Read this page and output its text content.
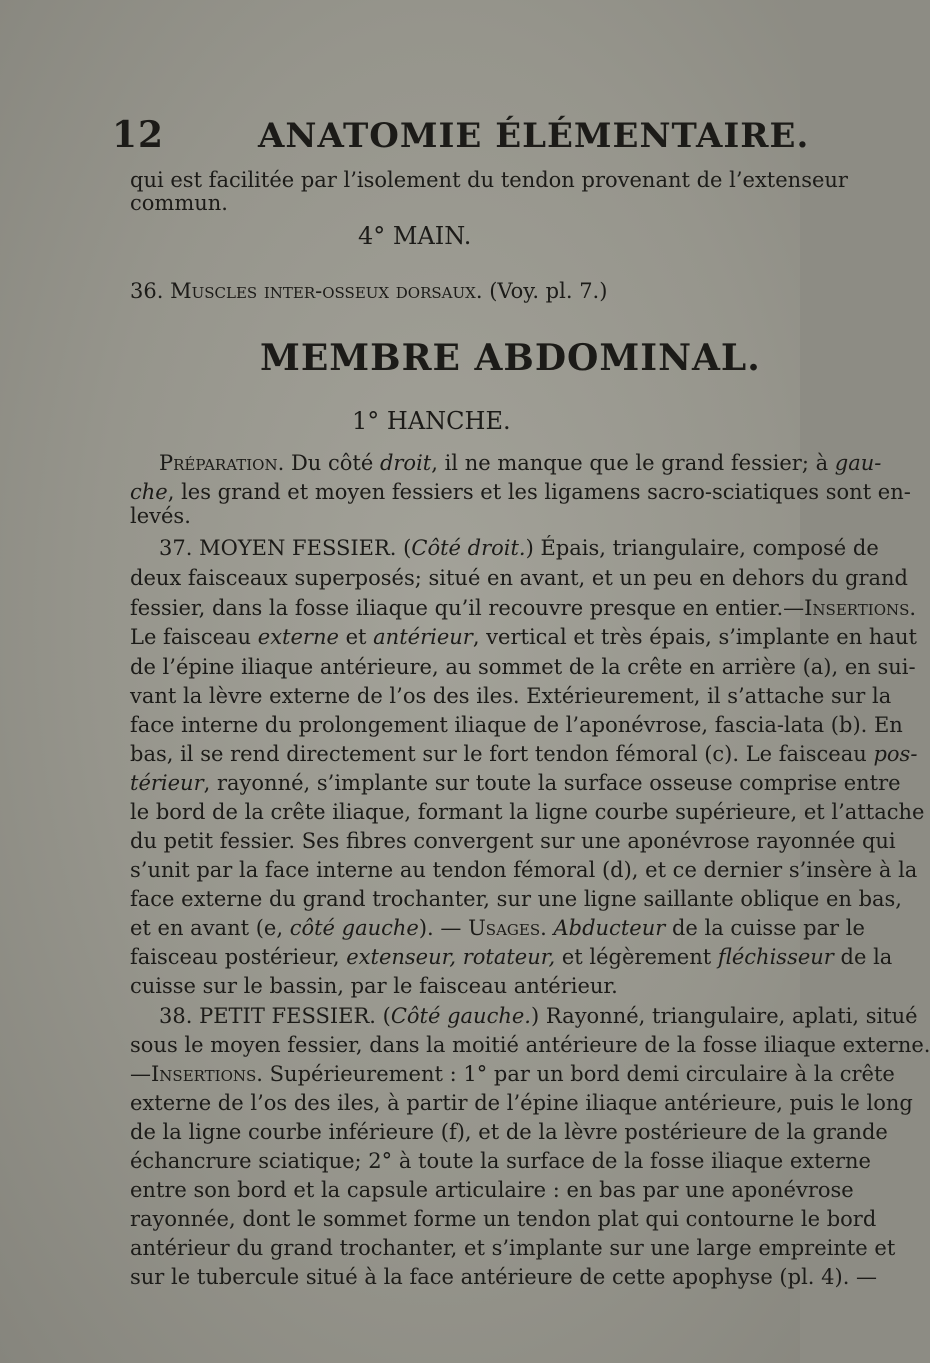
12	ANATOMIE ÉLÉMENTAIRE.
qui est facilitée par l’isolement du tendon provenant de l’extenseur
commun.
4° MAIN.
36. Muscles inter-osseux dorsaux. (Voy. pl. 7.)
MEMBRE ABDOMINAL.
1° HANCHE.
Préparation. Du côté droit, il ne manque que le grand fessier; à gau-
che, les grand et moyen fessiers et les ligamens sacro-sciatiques sont en-
levés.
37. MOYEN FESSIER. (Côté droit.) Épais, triangulaire, composé de
deux faisceaux superposés; situé en avant, et un peu en dehors du grand
fessier, dans la fosse iliaque qu’il recouvre presque en entier.—Insertions.
Le faisceau externe et antérieur, vertical et très épais, s’implante en haut
de l’épine iliaque antérieure, au sommet de la crête en arrière (a), en sui-
vant la lèvre externe de l’os des iles. Extérieurement, il s’attache sur la
face interne du prolongement iliaque de l’aponévrose, fascia-lata (b). En
bas, il se rend directement sur le fort tendon fémoral (c). Le faisceau pos-
térieur, rayonné, s’implante sur toute la surface osseuse comprise entre
le bord de la crête iliaque, formant la ligne courbe supérieure, et l’attache
du petit fessier. Ses fibres convergent sur une aponévrose rayonnée qui
s’unit par la face interne au tendon fémoral (d), et ce dernier s’insère à la
face externe du grand trochanter, sur une ligne saillante oblique en bas,
et en avant (e, côté gauche). — Usages. Abducteur de la cuisse par le
faisceau postérieur, extenseur, rotateur, et légèrement fléchisseur de la
cuisse sur le bassin, par le faisceau antérieur.
38. PETIT FESSIER. (Côté gauche.) Rayonné, triangulaire, aplati, situé
sous le moyen fessier, dans la moitié antérieure de la fosse iliaque externe.
—Insertions. Supérieurement : 1° par un bord demi circulaire à la crête
externe de l’os des iles, à partir de l’épine iliaque antérieure, puis le long
de la ligne courbe inférieure (f), et de la lèvre postérieure de la grande
échancrure sciatique; 2° à toute la surface de la fosse iliaque externe
entre son bord et la capsule articulaire : en bas par une aponévrose
rayonnée, dont le sommet forme un tendon plat qui contourne le bord
antérieur du grand trochanter, et s’implante sur une large empreinte et
sur le tubercule situé à la face antérieure de cette apophyse (pl. 4). —
